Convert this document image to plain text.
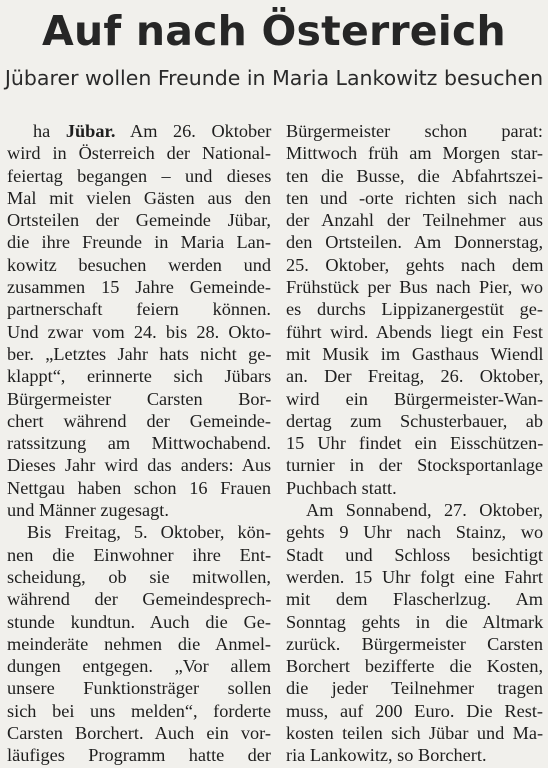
Auf nach Österreich
Jübarer wollen Freunde in Maria Lankowitz besuchen
ha Jübar. Am 26. Oktober
wird in Österreich der National-
feiertag begangen – und dieses
Mal mit vielen Gästen aus den
Ortsteilen der Gemeinde Jübar,
die ihre Freunde in Maria Lan-
kowitz besuchen werden und
zusammen 15 Jahre Gemeinde-
partnerschaft feiern können.
Und zwar vom 24. bis 28. Okto-
ber. „Letztes Jahr hats nicht ge-
klappt“, erinnerte sich Jübars
Bürgermeister Carsten Bor-
chert während der Gemeinde-
ratssitzung am Mittwochabend.
Dieses Jahr wird das anders: Aus
Nettgau haben schon 16 Frauen
und Männer zugesagt.
Bis Freitag, 5. Oktober, kön-
nen die Einwohner ihre Ent-
scheidung, ob sie mitwollen,
während der Gemeindesprech-
stunde kundtun. Auch die Ge-
meinderäte nehmen die Anmel-
dungen entgegen. „Vor allem
unsere Funktionsträger sollen
sich bei uns melden“, forderte
Carsten Borchert. Auch ein vor-
läufiges Programm hatte der
Bürgermeister schon parat:
Mittwoch früh am Morgen star-
ten die Busse, die Abfahrtszei-
ten und -orte richten sich nach
der Anzahl der Teilnehmer aus
den Ortsteilen. Am Donnerstag,
25. Oktober, gehts nach dem
Frühstück per Bus nach Pier, wo
es durchs Lippizanergestüt ge-
führt wird. Abends liegt ein Fest
mit Musik im Gasthaus Wiendl
an. Der Freitag, 26. Oktober,
wird ein Bürgermeister-Wan-
dertag zum Schusterbauer, ab
15 Uhr findet ein Eisschützen-
turnier in der Stocksportanlage
Puchbach statt.
Am Sonnabend, 27. Oktober,
gehts 9 Uhr nach Stainz, wo
Stadt und Schloss besichtigt
werden. 15 Uhr folgt eine Fahrt
mit dem Flascherlzug. Am
Sonntag gehts in die Altmark
zurück. Bürgermeister Carsten
Borchert bezifferte die Kosten,
die jeder Teilnehmer tragen
muss, auf 200 Euro. Die Rest-
kosten teilen sich Jübar und Ma-
ria Lankowitz, so Borchert.
